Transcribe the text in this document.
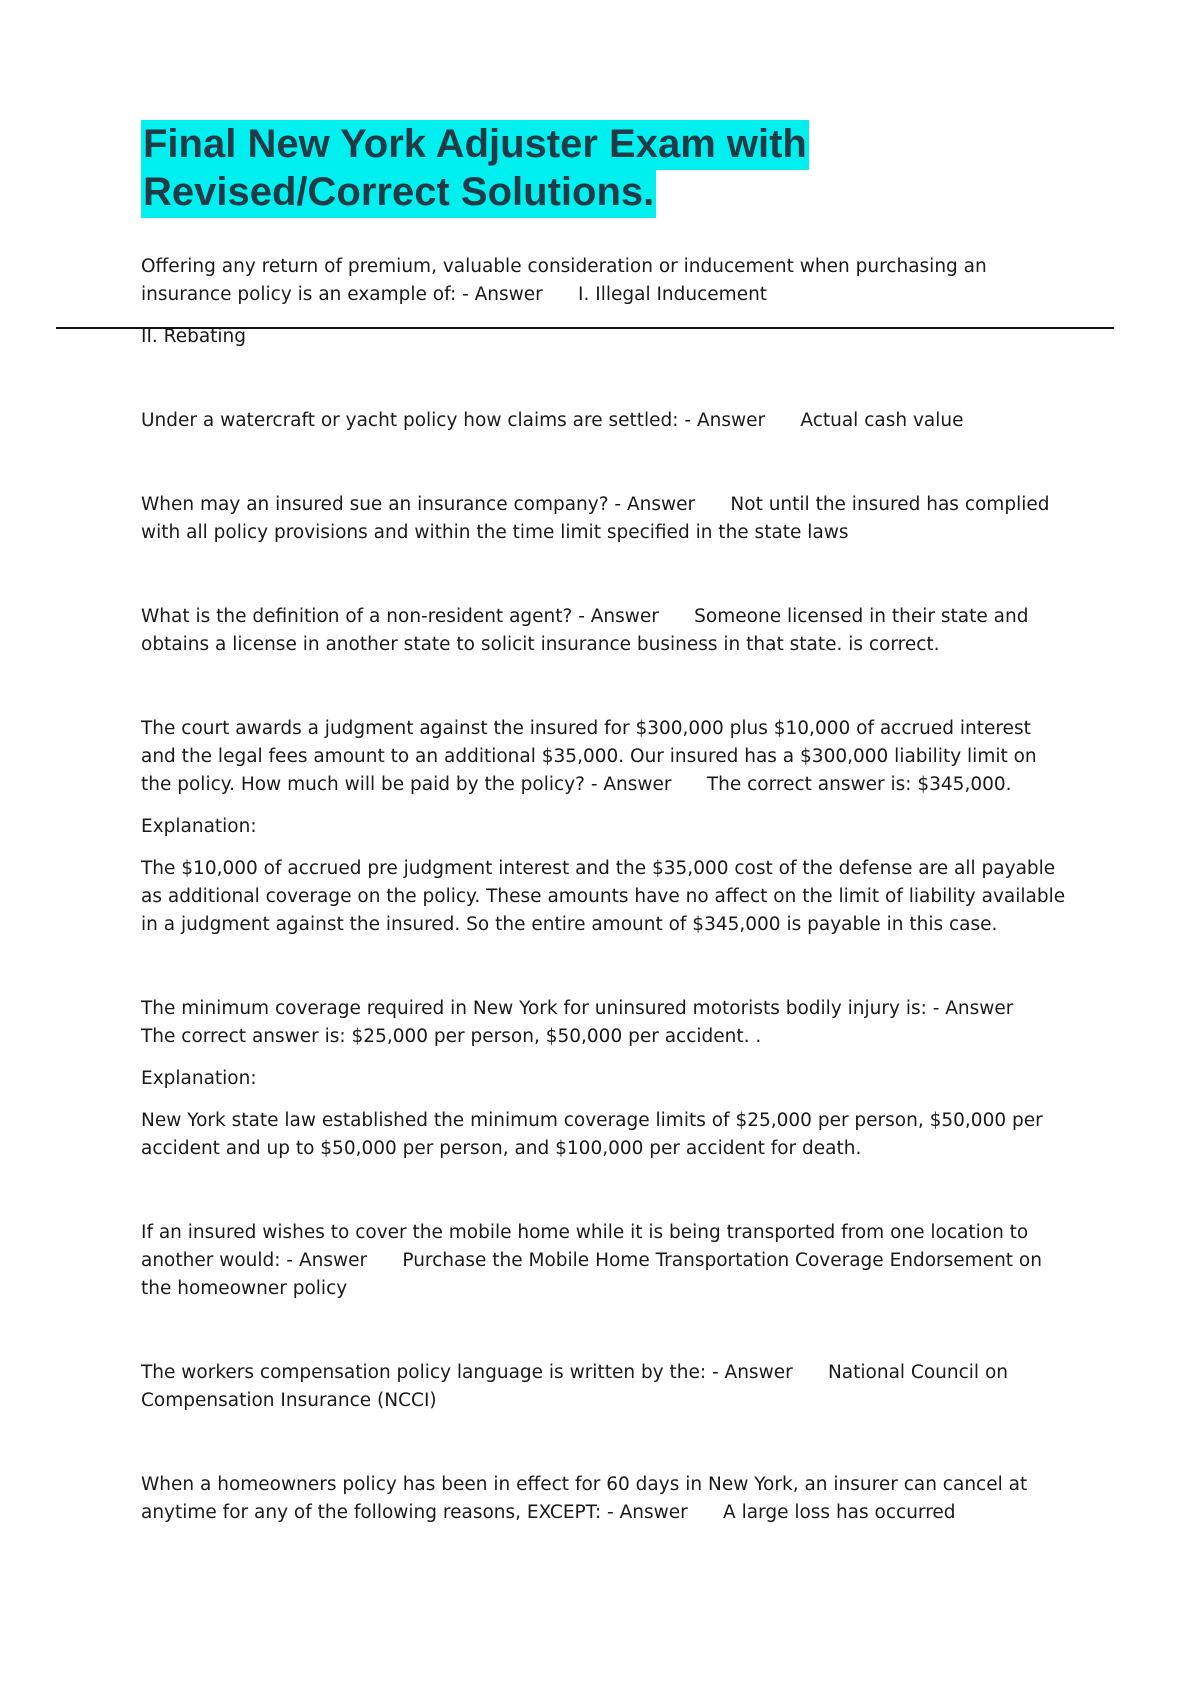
Final New York Adjuster Exam with Revised/Correct Solutions.

Offering any return of premium, valuable consideration or inducement when purchasing an insurance policy is an example of: - Answer      I. Illegal Inducement

II. Rebating

Under a watercraft or yacht policy how claims are settled: - Answer      Actual cash value

When may an insured sue an insurance company? - Answer      Not until the insured has complied with all policy provisions and within the time limit specified in the state laws

What is the definition of a non-resident agent? - Answer      Someone licensed in their state and obtains a license in another state to solicit insurance business in that state. is correct.

The court awards a judgment against the insured for $300,000 plus $10,000 of accrued interest and the legal fees amount to an additional $35,000. Our insured has a $300,000 liability limit on the policy. How much will be paid by the policy? - Answer      The correct answer is: $345,000.

Explanation:

The $10,000 of accrued pre judgment interest and the $35,000 cost of the defense are all payable as additional coverage on the policy. These amounts have no affect on the limit of liability available in a judgment against the insured. So the entire amount of $345,000 is payable in this case.

The minimum coverage required in New York for uninsured motorists bodily injury is: - Answer      The correct answer is: $25,000 per person, $50,000 per accident. .

Explanation:

New York state law established the minimum coverage limits of $25,000 per person, $50,000 per accident and up to $50,000 per person, and $100,000 per accident for death.

If an insured wishes to cover the mobile home while it is being transported from one location to another would: - Answer      Purchase the Mobile Home Transportation Coverage Endorsement on the homeowner policy

The workers compensation policy language is written by the: - Answer      National Council on Compensation Insurance (NCCI)

When a homeowners policy has been in effect for 60 days in New York, an insurer can cancel at anytime for any of the following reasons, EXCEPT: - Answer      A large loss has occurred
